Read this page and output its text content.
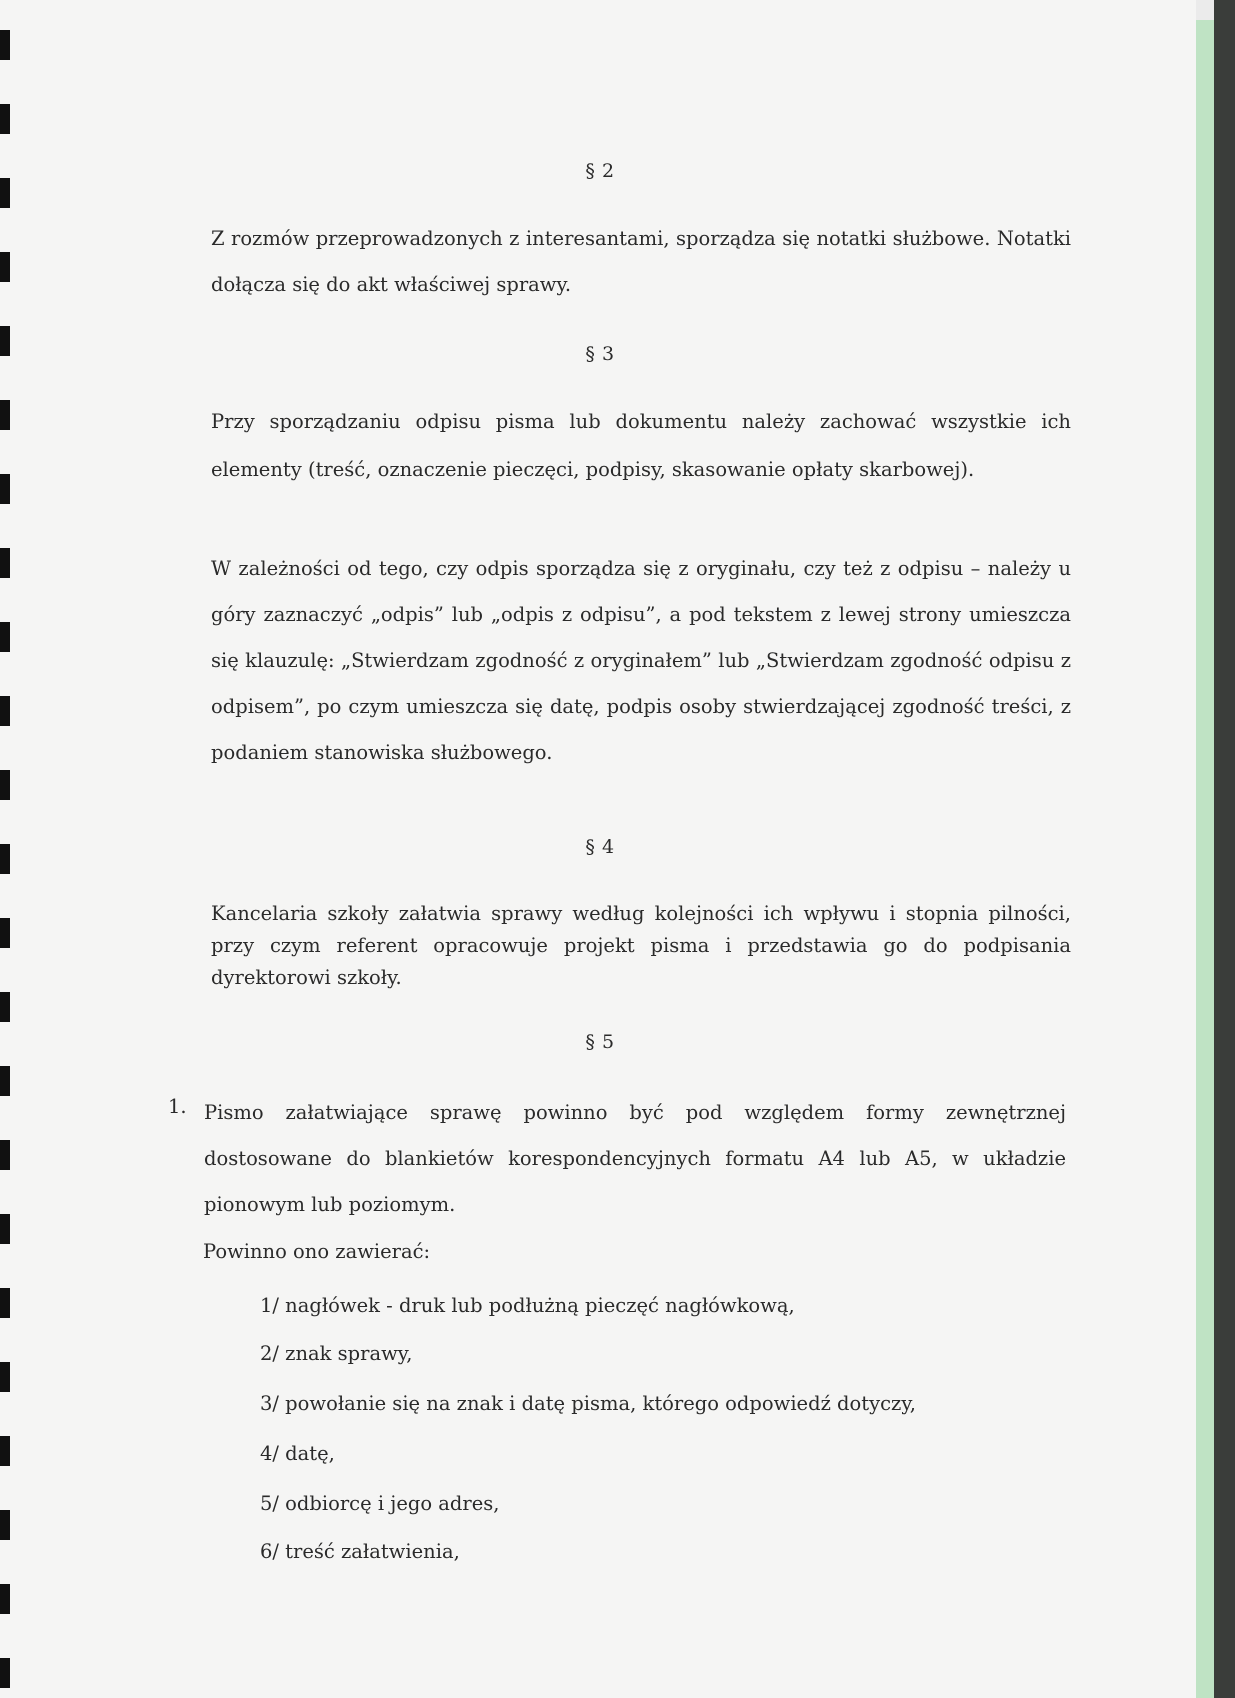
§ 2
Z rozmów przeprowadzonych z interesantami, sporządza się notatki służbowe. Notatki dołącza się do akt właściwej sprawy.
§ 3
Przy sporządzaniu odpisu pisma lub dokumentu należy zachować wszystkie ich elementy (treść, oznaczenie pieczęci, podpisy, skasowanie opłaty skarbowej).
W zależności od tego, czy odpis sporządza się z oryginału, czy też z odpisu – należy u góry zaznaczyć „odpis” lub „odpis z odpisu”, a pod tekstem z lewej strony umieszcza się klauzulę: „Stwierdzam zgodność z oryginałem” lub „Stwierdzam zgodność odpisu z odpisem”, po czym umieszcza się datę, podpis osoby stwierdzającej zgodność treści, z podaniem stanowiska służbowego.
§ 4
Kancelaria szkoły załatwia sprawy według kolejności ich wpływu i stopnia pilności, przy czym referent opracowuje projekt pisma i przedstawia go do podpisania dyrektorowi szkoły.
§ 5
1. Pismo załatwiające sprawę powinno być pod względem formy zewnętrznej dostosowane do blankietów korespondencyjnych formatu A4 lub A5, w układzie pionowym lub poziomym.
Powinno ono zawierać:
1/ nagłówek - druk lub podłużną pieczęć nagłówkową,
2/ znak sprawy,
3/ powołanie się na znak i datę pisma, którego odpowiedź dotyczy,
4/ datę,
5/ odbiorcę i jego adres,
6/ treść załatwienia,
